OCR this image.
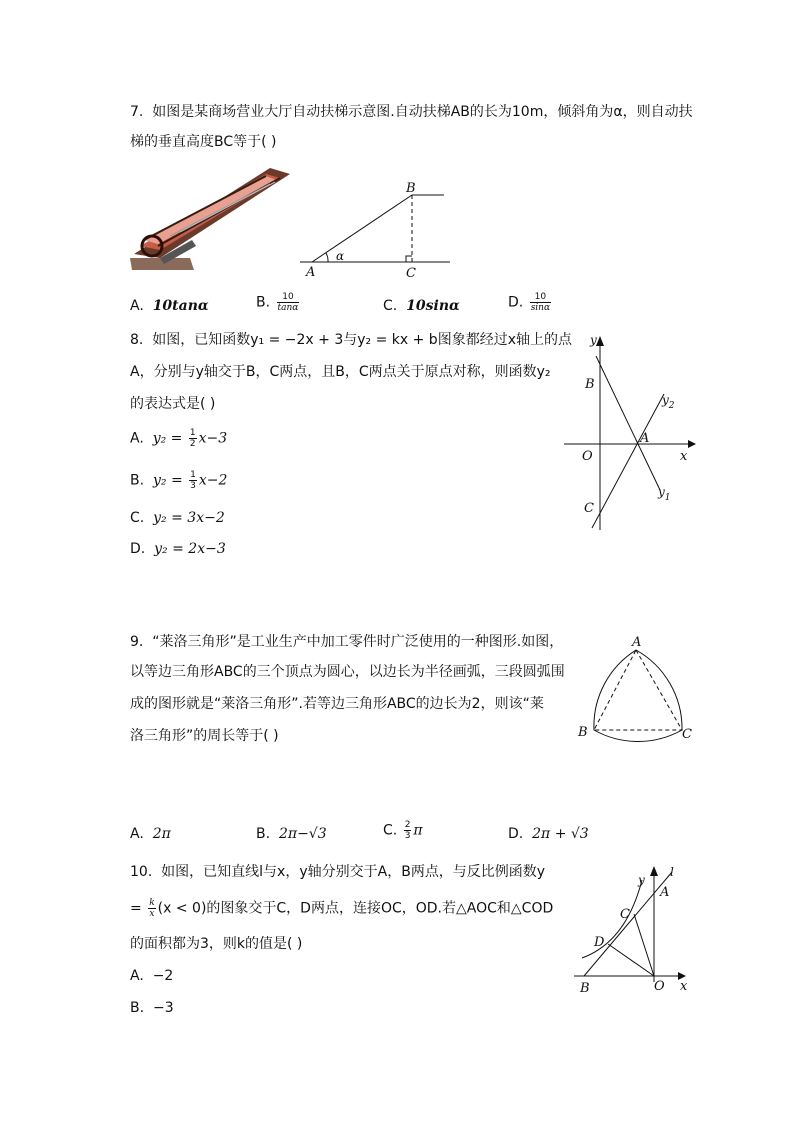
7. 如图是某商场营业大厅自动扶梯示意图.自动扶梯AB的长为10m，倾斜角为α，则自动扶
梯的垂直高度BC等于( )
A
B
C
α
A. 10tanα	B. $\frac{10}{\tan\alpha}$	C. 10sinα	D. $\frac{10}{\sin\alpha}$
8. 如图，已知函数y₁ = −2x + 3与y₂ = kx + b图象都经过x轴上的点
A，分别与y轴交于B，C两点，且B，C两点关于原点对称，则函数y₂
的表达式是( )
A. $y_2 = \frac{1}{2} x-3$
B. $y_2 = \frac{1}{3} x-2$
C. y₂ = 3x−2
D. y₂ = 2x−3
y
x
O
A
B
C
$y_2$
$y_1$
9. “莱洛三角形”是工业生产中加工零件时广泛使用的一种图形.如图，
以等边三角形ABC的三个顶点为圆心，以边长为半径画弧，三段圆弧围
成的图形就是“莱洛三角形”.若等边三角形ABC的边长为2，则该“莱
洛三角形”的周长等于( )
A
B	C
A. 2π	B. 2π−√3	C. $\frac{2}{3}$ π	D. 2π + √3
10. 如图，已知直线l与x，y轴分别交于A，B两点，与反比例函数y
= $\frac{k}{x} (x < 0)$的图象交于C，D两点，连接OC，OD.若△AOC和△COD
的面积都为3，则k的值是( )
A. −2
B. −3
y
l
A
C
D
B	O x
